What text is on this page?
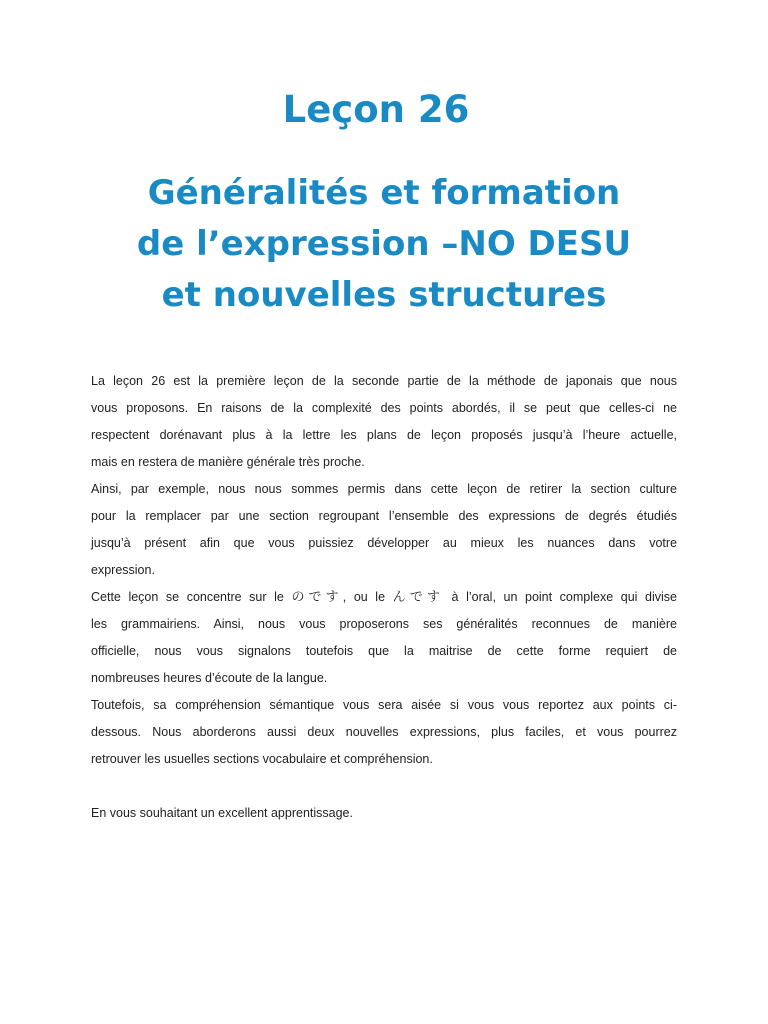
Leçon 26
Généralités et formation
de l’expression –NO DESU
et nouvelles structures
La leçon 26 est la première leçon de la seconde partie de la méthode de japonais que nous
vous proposons. En raisons de la complexité des points abordés, il se peut que celles-ci ne
respectent dorénavant plus à la lettre les plans de leçon proposés jusqu’à l’heure actuelle,
mais en restera de manière générale très proche.
Ainsi, par exemple, nous nous sommes permis dans cette leçon de retirer la section culture
pour la remplacer par une section regroupant l’ensemble des expressions de degrés étudiés
jusqu’à présent afin que vous puissiez développer au mieux les nuances dans votre
expression.
Cette leçon se concentre sur le のです, ou le んです à l’oral, un point complexe qui divise
les grammairiens. Ainsi, nous vous proposerons ses généralités reconnues de manière
officielle, nous vous signalons toutefois que la maitrise de cette forme requiert de
nombreuses heures d’écoute de la langue.
Toutefois, sa compréhension sémantique vous sera aisée si vous vous reportez aux points ci-
dessous. Nous aborderons aussi deux nouvelles expressions, plus faciles, et vous pourrez
retrouver les usuelles sections vocabulaire et compréhension.
En vous souhaitant un excellent apprentissage.
